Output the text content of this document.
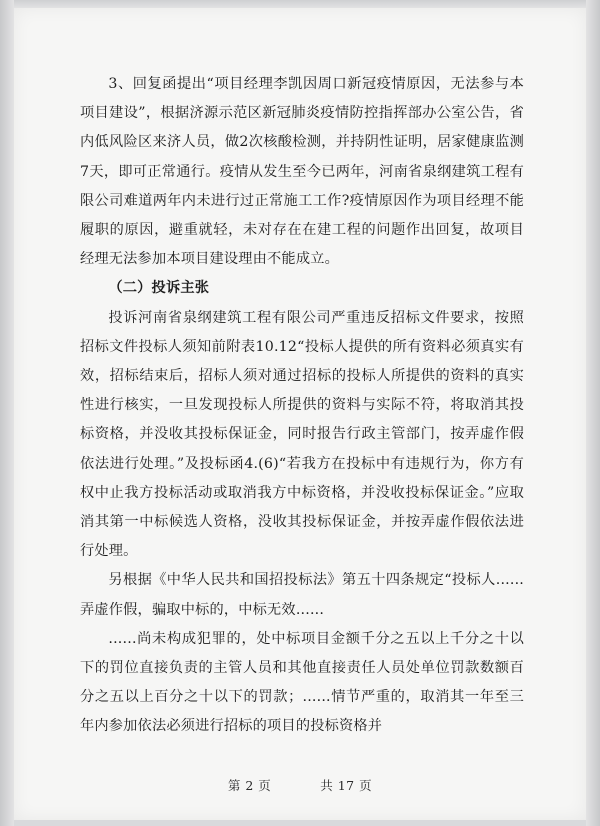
3、回复函提出“项目经理李凯因周口新冠疫情原因，无法参与本项目建设”，根据济源示范区新冠肺炎疫情防控指挥部办公室公告，省内低风险区来济人员，做2次核酸检测，并持阴性证明，居家健康监测7天，即可正常通行。疫情从发生至今已两年，河南省泉纲建筑工程有限公司难道两年内未进行过正常施工工作?疫情原因作为项目经理不能履职的原因，避重就轻，未对存在在建工程的问题作出回复，故项目经理无法参加本项目建设理由不能成立。

（二）投诉主张

投诉河南省泉纲建筑工程有限公司严重违反招标文件要求，按照招标文件投标人须知前附表10.12“投标人提供的所有资料必须真实有效，招标结束后，招标人须对通过招标的投标人所提供的资料的真实性进行核实，一旦发现投标人所提供的资料与实际不符，将取消其投标资格，并没收其投标保证金，同时报告行政主管部门，按弄虚作假依法进行处理。”及投标函4.(6)“若我方在投标中有违规行为，你方有权中止我方投标活动或取消我方中标资格，并没收投标保证金。”应取消其第一中标候选人资格，没收其投标保证金，并按弄虚作假依法进行处理。

另根据《中华人民共和国招投标法》第五十四条规定“投标人......弄虚作假，骗取中标的，中标无效......

......尚未构成犯罪的，处中标项目金额千分之五以上千分之十以下的罚位直接负责的主管人员和其他直接责任人员处单位罚款数额百分之五以上百分之十以下的罚款；......情节严重的，取消其一年至三年内参加依法必须进行招标的项目的投标资格并

第 2 页	共 17 页
